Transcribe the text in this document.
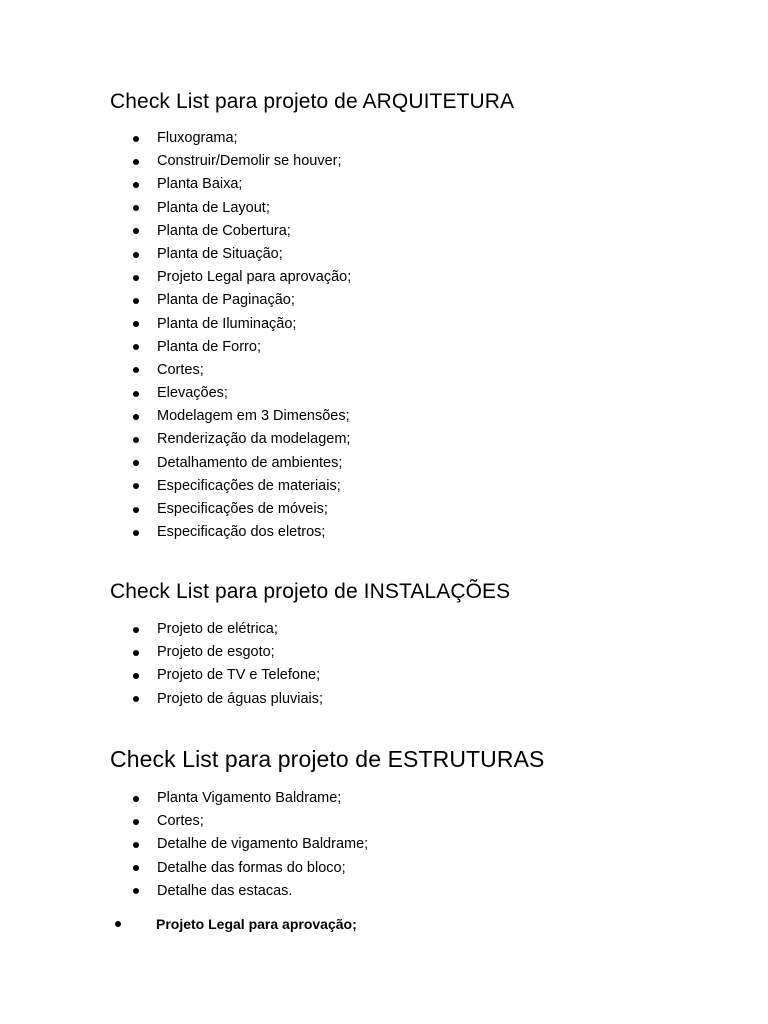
Check List para projeto de ARQUITETURA
Fluxograma;
Construir/Demolir se houver;
Planta Baixa;
Planta de Layout;
Planta de Cobertura;
Planta de Situação;
Projeto Legal para aprovação;
Planta de Paginação;
Planta de Iluminação;
Planta de Forro;
Cortes;
Elevações;
Modelagem em 3 Dimensões;
Renderização da modelagem;
Detalhamento de ambientes;
Especificações de materiais;
Especificações de móveis;
Especificação dos eletros;
Check List para projeto de INSTALAÇÕES
Projeto de elétrica;
Projeto de esgoto;
Projeto de TV e Telefone;
Projeto de águas pluviais;
Check List para projeto de ESTRUTURAS
Planta Vigamento Baldrame;
Cortes;
Detalhe de vigamento Baldrame;
Detalhe das formas do bloco;
Detalhe das estacas.
Projeto Legal para aprovação;
